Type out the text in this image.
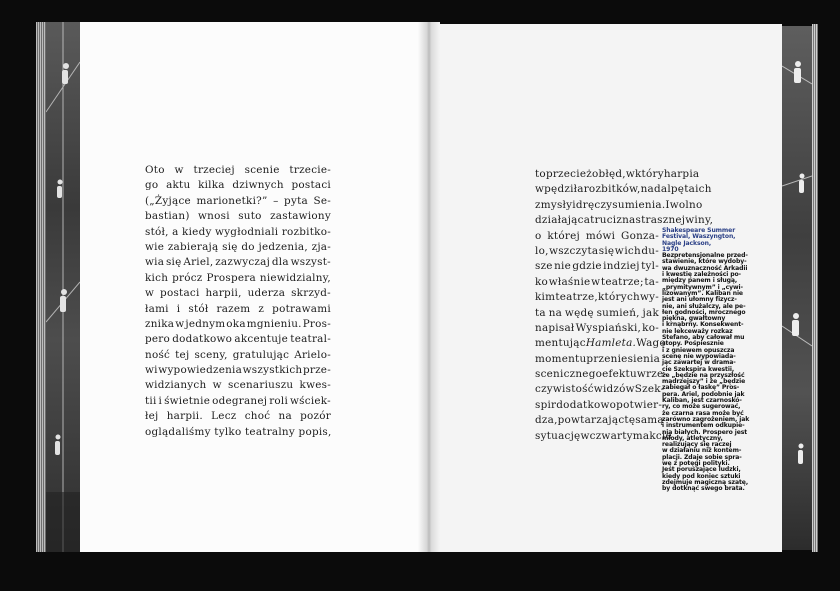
Oto w trzeciej scenie trzecie-
go aktu kilka dziwnych postaci
(„Żyjące marionetki?” – pyta Se-
bastian) wnosi suto zastawiony
stół, a kiedy wygłodniali rozbitko-
wie zabierają się do jedzenia, zja-
wia się Ariel, zazwyczaj dla wszyst-
kich prócz Prospera niewidzialny,
w postaci harpii, uderza skrzyd-
łami i stół razem z potrawami
znika w jednym oka mgnieniu. Pros-
pero dodatkowo akcentuje teatral-
ność tej sceny, gratulując Arielo-
wi wypowiedzenia wszystkich prze-
widzianych w scenariuszu kwes-
tii i świetnie odegranej roli wściek-
łej harpii. Lecz choć na pozór
oglądaliśmy tylko teatralny popis,
to przecież obłęd, w który harpia
wpędziła rozbitków, nadal pęta ich
zmysły i dręczy sumienia. I wolno
działająca trucizna strasznej winy,
o której mówi Gonza-
lo, wszczyta się w ich du-
sze nie gdzie indziej tyl-
ko właśnie w teatrze; ta-
kim teatrze, który chwy-
ta na wędę sumień, jak
napisał Wyspiański, ko-
mentując Hamleta. Wagę
momentu przeniesienia
scenicznego efektu w rze-
czywistość widzów Szek-
spir dodatkowo potwier-
dza, powtarzając tę samą
sytuację w czwartym akcie
Shakespeare Summer
Festival, Waszyngton,
Nagle Jackson,
1970
Bezpretensjonalne przed-
stawienie, które wydoby-
wa dwuznaczność Arkadii
i kwestię zależności po-
między panem i sługą,
„prymitywnym” i „cywi-
lizowanym”. Kaliban nie
jest ani ułomny fizycz-
nie, ani służalczy, ale pe-
łen godności, mrocznego
piękna, gwałtowny
i krnąbrny. Konsekwent-
nie lekceważy rozkaz
Stefano, aby całował mu
stopy. Pośpiesznie
i z gniewem opuszcza
scenę nie wypowiada-
jąc zawartej w drama-
cie Szekspira kwestii,
że „będzie na przyszłość
mądrzejszy” i że „będzie
zabiegał o łaskę” Pros-
pera. Ariel, podobnie jak
Kaliban, jest czarnoskó-
ry, co może sugerować,
że czarna rasa może być
zarówno zagrożeniem, jak
i instrumentem odkupie-
nia białych. Prospero jest
młody, atletyczny,
realizujący się raczej
w działaniu niż kontem-
placji. Zdaje sobie spra-
wę z potęgi polityki.
Jest poruszające ludzki,
kiedy pod koniec sztuki
zdejmuje magiczną szatę,
by dotknąć swego brata.
